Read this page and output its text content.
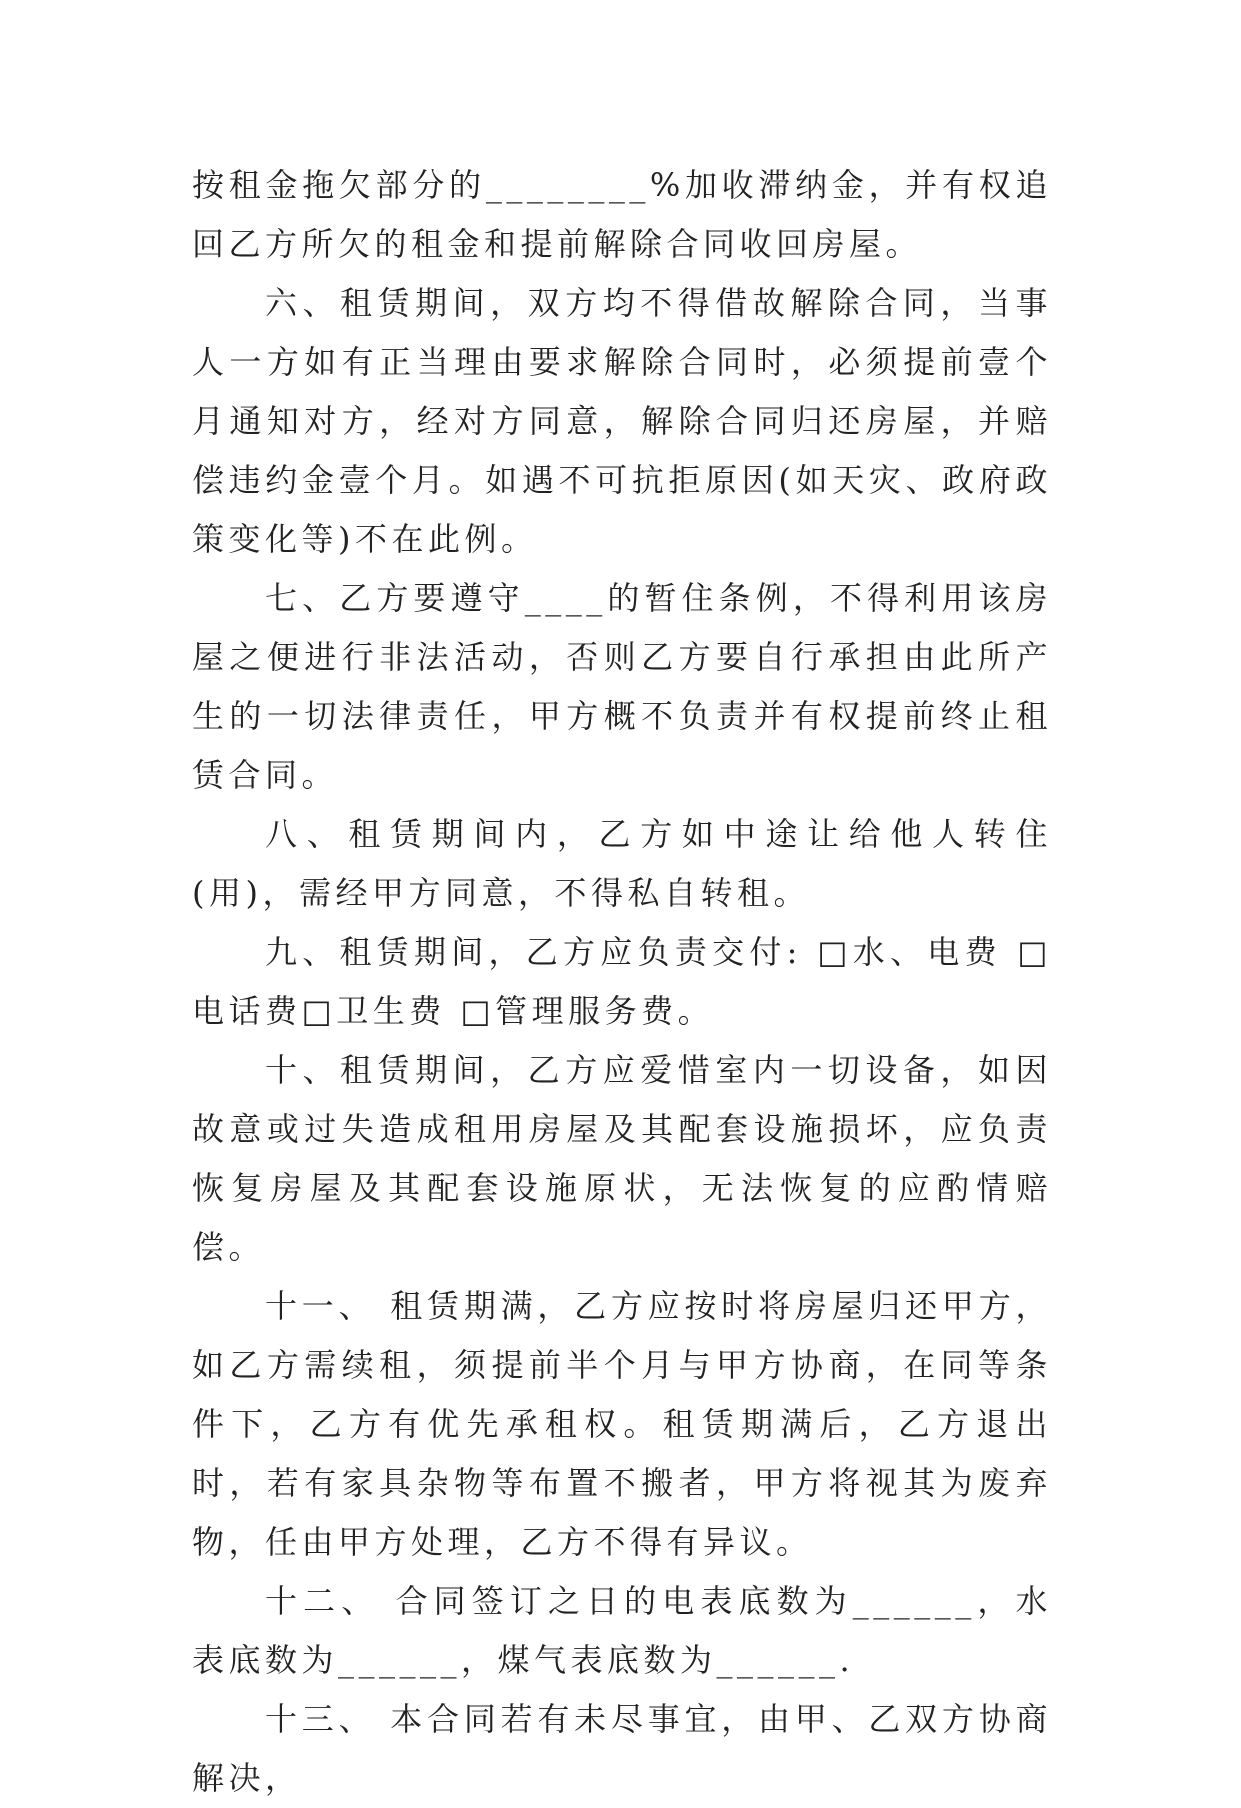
按租金拖欠部分的________%加收滞纳金，并有权追回乙方所欠的租金和提前解除合同收回房屋。

六、租赁期间，双方均不得借故解除合同，当事人一方如有正当理由要求解除合同时，必须提前壹个月通知对方，经对方同意，解除合同归还房屋，并赔偿违约金壹个月。如遇不可抗拒原因(如天灾、政府政策变化等)不在此例。

七、乙方要遵守____的暂住条例，不得利用该房屋之便进行非法活动，否则乙方要自行承担由此所产生的一切法律责任，甲方概不负责并有权提前终止租赁合同。

八、租赁期间内，乙方如中途让给他人转住(用)，需经甲方同意，不得私自转租。

九、租赁期间，乙方应负责交付: □水、电费 □电话费□卫生费 □管理服务费。

十、租赁期间，乙方应爱惜室内一切设备，如因故意或过失造成租用房屋及其配套设施损坏，应负责恢复房屋及其配套设施原状，无法恢复的应酌情赔偿。

十一、 租赁期满，乙方应按时将房屋归还甲方，如乙方需续租，须提前半个月与甲方协商，在同等条件下，乙方有优先承租权。租赁期满后，乙方退出时，若有家具杂物等布置不搬者，甲方将视其为废弃物，任由甲方处理，乙方不得有异议。

十二、 合同签订之日的电表底数为______，水表底数为______，煤气表底数为______.

十三、 本合同若有未尽事宜，由甲、乙双方协商解决，
